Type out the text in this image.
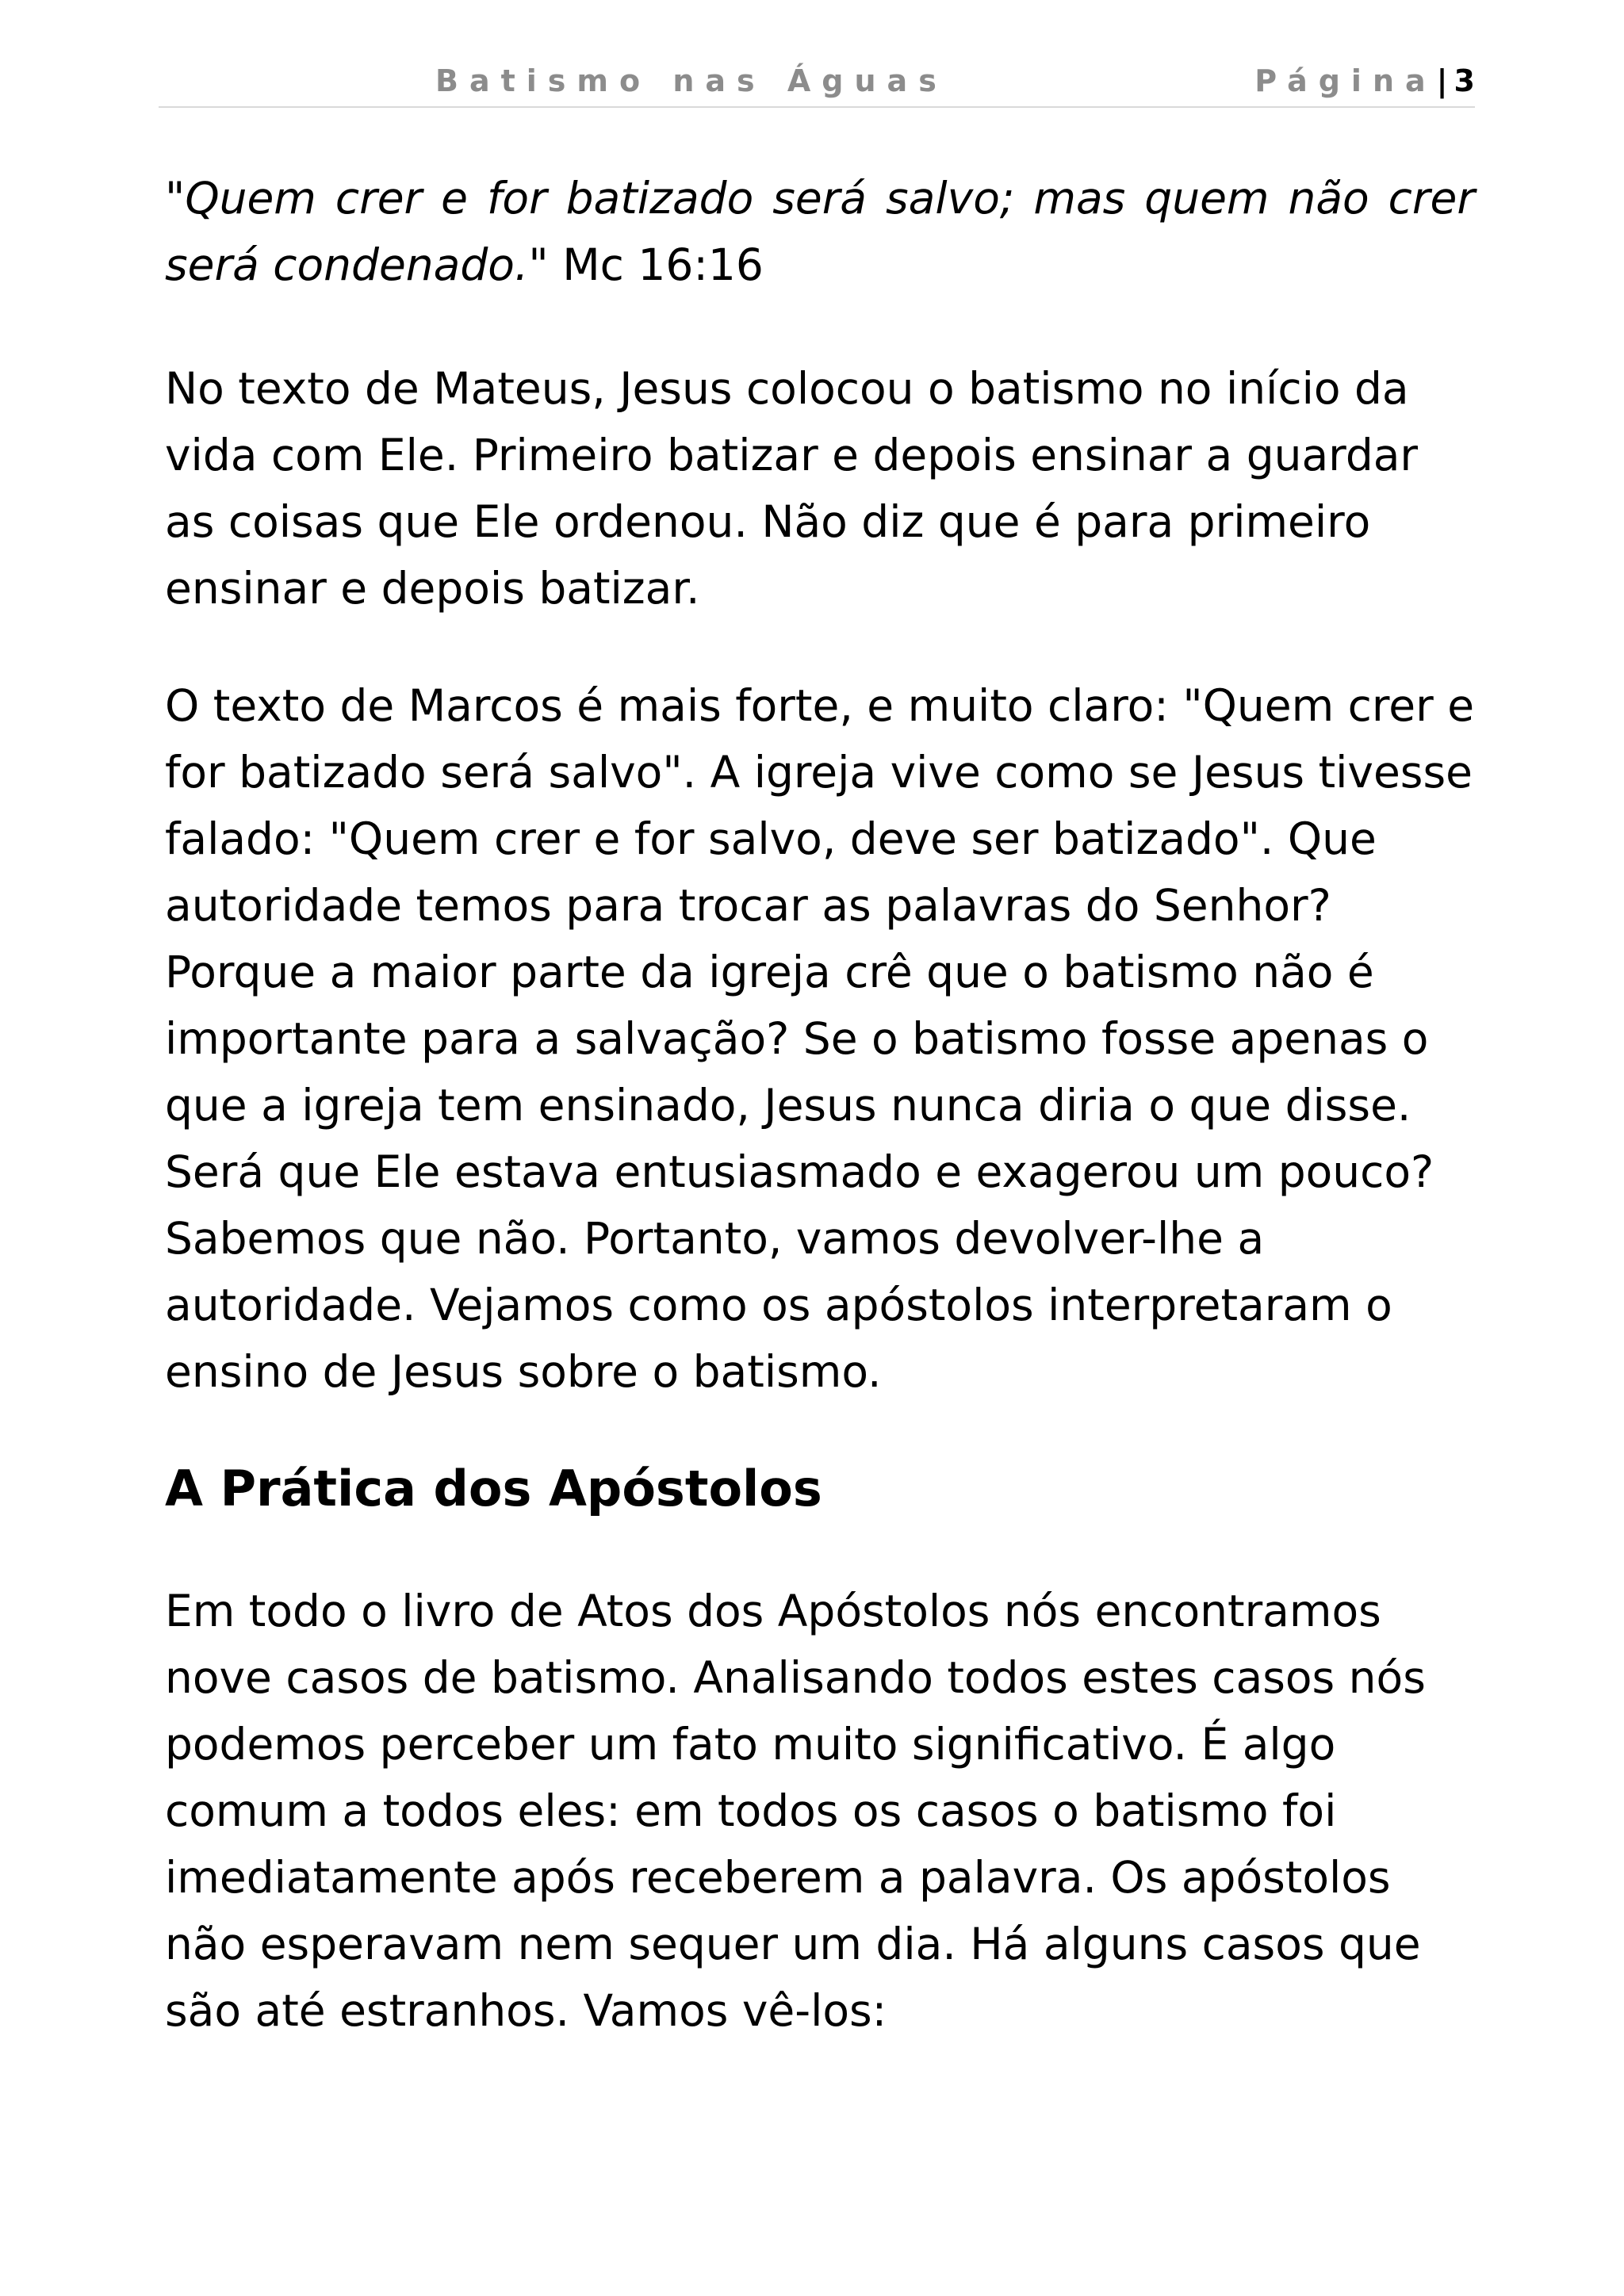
Batismo nas Águas	Página| 3

"Quem crer e for batizado será salvo; mas quem não crer será condenado." Mc 16:16

No texto de Mateus, Jesus colocou o batismo no início da vida com Ele. Primeiro batizar e depois ensinar a guardar as coisas que Ele ordenou. Não diz que é para primeiro ensinar e depois batizar.

O texto de Marcos é mais forte, e muito claro: "Quem crer e for batizado será salvo". A igreja vive como se Jesus tivesse falado: "Quem crer e for salvo, deve ser batizado". Que autoridade temos para trocar as palavras do Senhor? Porque a maior parte da igreja crê que o batismo não é importante para a salvação? Se o batismo fosse apenas o que a igreja tem ensinado, Jesus nunca diria o que disse. Será que Ele estava entusiasmado e exagerou um pouco? Sabemos que não. Portanto, vamos devolver-lhe a autoridade. Vejamos como os apóstolos interpretaram o ensino de Jesus sobre o batismo.

A Prática dos Apóstolos

Em todo o livro de Atos dos Apóstolos nós encontramos nove casos de batismo. Analisando todos estes casos nós podemos perceber um fato muito significativo. É algo comum a todos eles: em todos os casos o batismo foi imediatamente após receberem a palavra. Os apóstolos não esperavam nem sequer um dia. Há alguns casos que são até estranhos. Vamos vê-los:
